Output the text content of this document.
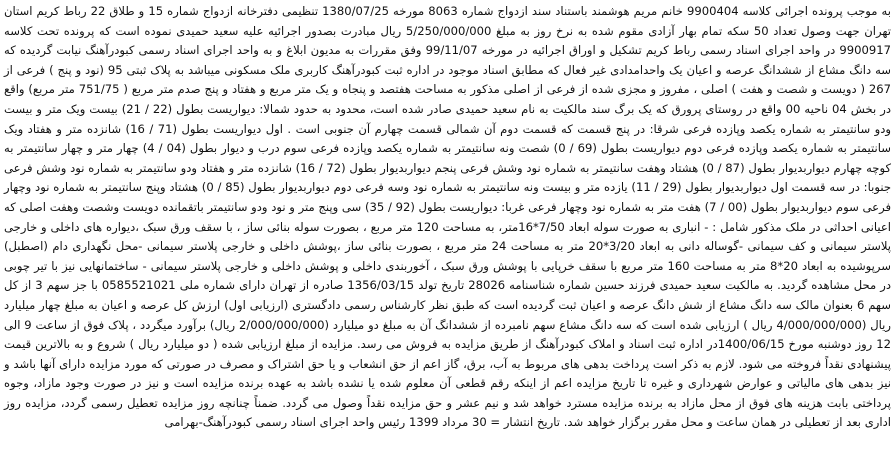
به موجب پرونده اجرائی کلاسه 9900404 خانم مریم هوشمند باستناد سند ازدواج شماره 8063 مورخه 1380/07/25 تنظیمی دفترخانه ازدواج شماره 15 و طلاق 22 رباط کریم استان تهران جهت وصول تعداد 50 سکه تمام بهار آزادی مقوم شده به نرخ روز به مبلغ 5/250/000/000 ریال مبادرت بصدور اجرائیه علیه سعید حمیدی نموده است که پرونده تحت کلاسه 9900917 در واحد اجرای اسناد رسمی رباط کریم تشکیل و اوراق اجرائیه در مورخه 99/11/07 وفق مقررات به مدیون ابلاغ و به واحد اجرای اسناد رسمی کبودرآهنگ نیابت گردیده که سه دانگ مشاع از ششدانگ عرصه و اعیان یک واحدامدادی غیر فعال که مطابق اسناد موجود در اداره ثبت کبودرآهنگ کاربری ملک مسکونی میباشد به پلاک ثبتی 95 (نود و پنج ) فرعی از 267 ( دویست و شصت و هفت ) اصلی ، مفروز و مجزی شده از فرعی از اصلی مذکور به مساحت هفتصد و پنجاه و یک متر مربع و هفتاد و پنج صدم متر مربع ( 751/75 متر مربع) واقع در بخش 04 ناحیه 00 واقع در روستای پرورق که یک برگ سند مالکیت به نام سعید حمیدی صادر شده است، محدود به حدود شمالا: دیواریست بطول (22 / 21) بیست ویک متر و بیست ودو سانتیمتر به شماره یکصد وپازده فرعی شرقا: در پنج قسمت که قسمت دوم آن شمالی قسمت چهارم آن جنوبی است . اول دیواریست بطول (71 / 16) شانزده متر و هفتاد ویک سانتیمتر به شماره یکصد وپازده فرعی دوم دیواریست بطول (69 / 0) شصت ونه سانتیمتر به شماره یکصد وپازده فرعی سوم درب و دیوار بطول (04 / 4) چهار متر و چهار سانتیمتر به کوچه چهارم دیواربدیوار بطول (87 / 0) هشتاد وهفت سانتیمتر به شماره نود وشش فرعی پنجم دیواربدیوار بطول (72 / 16) شانزده متر و هفتاد ودو سانتیمتر به شماره نود وشش فرعی جنوبا: در سه قسمت اول دیواربدیوار بطول (29 / 11) یازده متر و بیست ونه سانتیمتر به شماره نود وسه فرعی دوم دیواربدیوار بطول (85 / 0) هشتاد وپنج سانتیمتر به شماره نود وچهار فرعی سوم دیواربدیوار بطول (00 / 7) هفت متر به شماره نود وچهار فرعی غربا: دیواریست بطول (92 / 35) سی وپنج متر و نود ودو سانتیمتر باتقمانده دویست وشصت وهفت اصلی که اعیانی احداثی در ملک مذکور شامل : - انباری به صورت سوله ابعاد 7/50*16متر، به مساحت 120 متر مربع ، بصورت سوله بنائی ساز ، با سقف ورق سبک ،دیواره های داخلی و خارجی پلاستر سیمانی و کف سیمانی -گوساله دانی به ابعاد 3/20*20 متر به مساحت 24 متر مربع ، بصورت بنائی ساز ،پوشش داخلی و خارجی پلاستر سیمانی -محل نگهداری دام (اصطبل) سرپوشیده به ابعاد 20*8 متر به مساحت 160 متر مربع با سقف خرپایی با پوشش ورق سبک ، آخوربندی داخلی و پوشش داخلی و خارجی پلاستر سیمانی - ساختمانهایی نیز با تیر چوبی در محل مشاهده گردید. به مالکیت سعید حمیدی فرزند حسین شماره شناسنامه 28026 تاریخ تولد 1356/03/15 صادره از تهران دارای شماره ملی 0585521021 با جز سهم 3 از کل سهم 6 بعنوان مالک سه دانگ مشاع از شش دانگ عرصه و اعیان ثبت گردیده است که طبق نظر کارشناس رسمی دادگستری (ارزیابی اول) ارزش کل عرصه و اعیان به مبلغ چهار میلیارد ریال (4/000/000/000 ریال ) ارزیابی شده است که سه دانگ مشاع سهم نامبرده از ششدانگ آن به مبلغ دو میلیارد (2/000/000/000 ریال) برآورد میگردد ، پلاک فوق از ساعت 9 الی 12 روز دوشنبه مورخ 1400/06/15در اداره ثبت اسناد و املاک کبودرآهنگ از طریق مزایده به فروش می رسد. مزایده از مبلغ ارزیابی شده ( دو میلیارد ریال ) شروع و به بالاترین قیمت پیشنهادی نقداً فروخته می شود. لازم به ذکر است پرداخت بدهی های مربوط به آب، برق، گاز اعم از حق انشعاب و یا حق اشتراک و مصرف در صورتی که مورد مزایده دارای آنها باشد و نیز بدهی های مالیاتی و عوارض شهرداری و غیره تا تاریخ مزایده اعم از اینکه رقم قطعی آن معلوم شده یا نشده باشد به عهده برنده مزایده است و نیز در صورت وجود مازاد، وجوه پرداختی بابت هزینه های فوق از محل مازاد به برنده مزایده مسترد خواهد شد و نیم عشر و حق مزایده نقداً وصول می گردد. ضمناً چنانچه روز مزایده تعطیل رسمی گردد، مزایده روز اداری بعد از تعطیلی در همان ساعت و محل مقرر برگزار خواهد شد. تاریخ انتشار = 30 مرداد 1399 رئیس واحد اجرای اسناد رسمی کبودرآهنگ-بهرامی
